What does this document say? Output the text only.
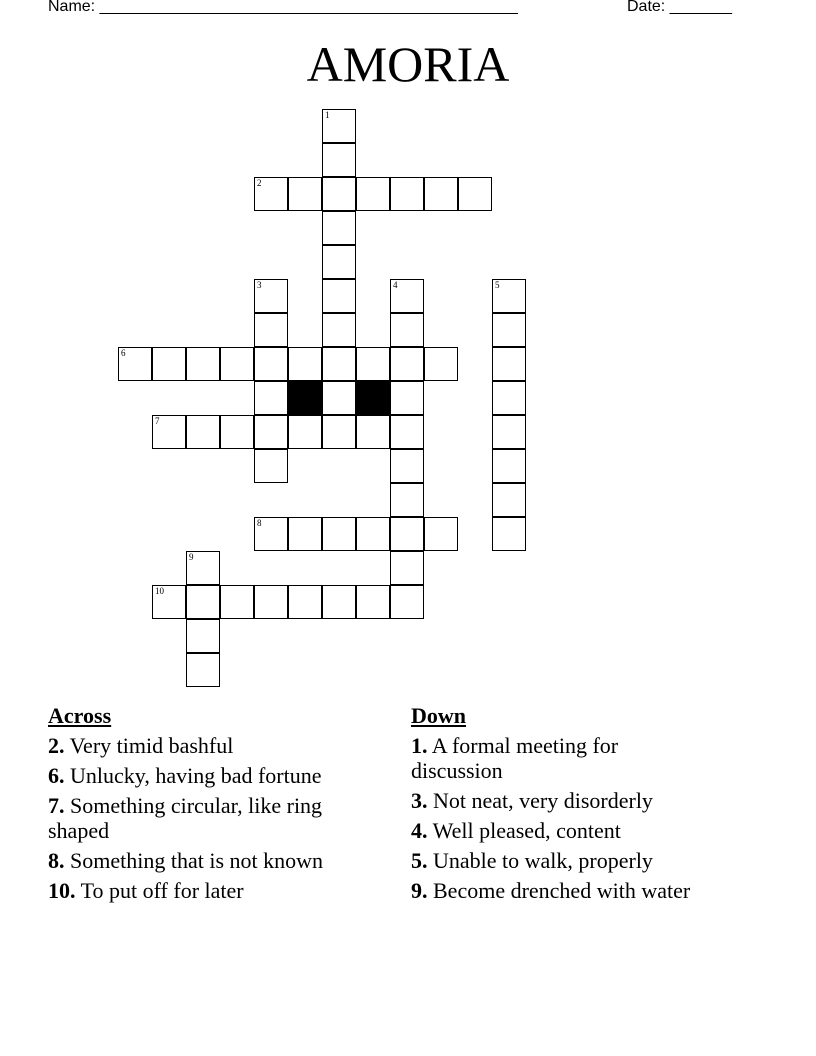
Name: _______________________________________________	Date: _______
AMORIA
1
2
3	4	5
6
7
8
9
10
Across
2. Very timid bashful
6. Unlucky, having bad fortune
7. Something circular, like ring shaped
8. Something that is not known
10. To put off for later
Down
1. A formal meeting for discussion
3. Not neat, very disorderly
4. Well pleased, content
5. Unable to walk, properly
9. Become drenched with water
